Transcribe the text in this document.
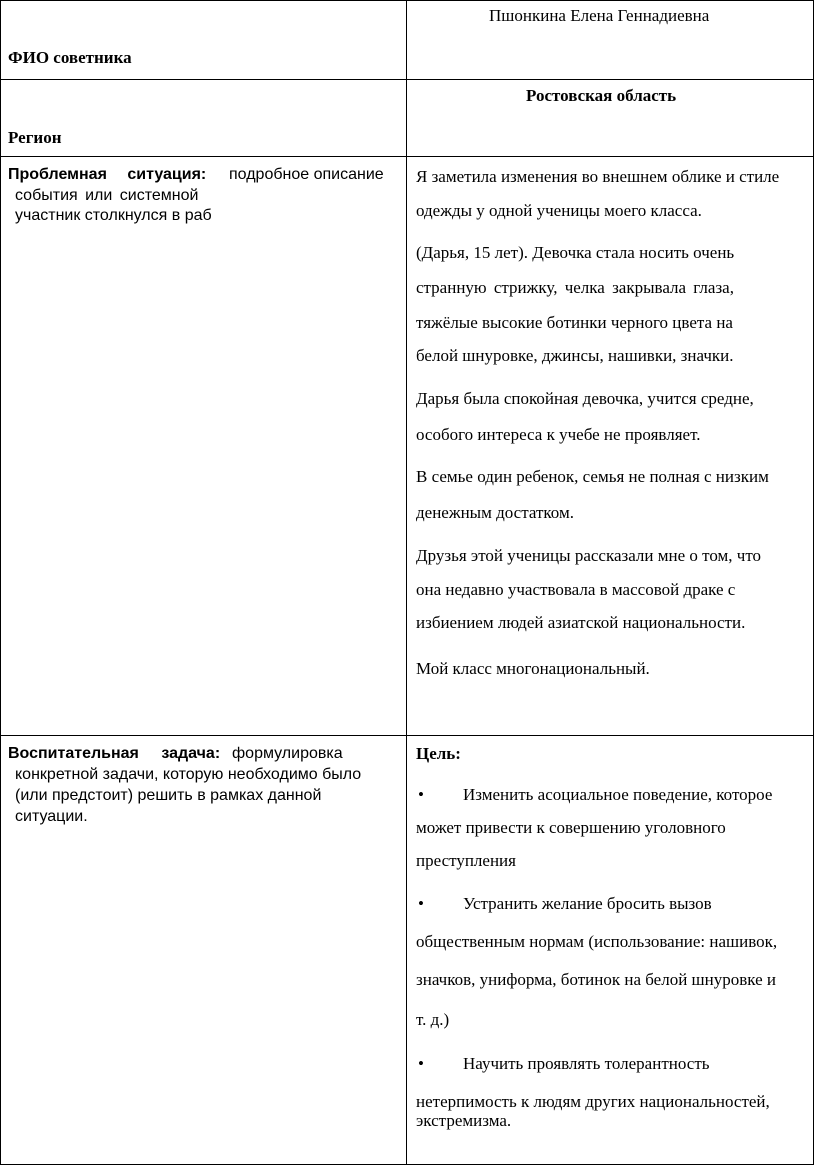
ФИО советника
Пшонкина Елена Геннадиевна
Регион
Ростовская область
Проблемная ситуация: подробное описание
события или системной
участник столкнулся в раб
Я заметила изменения во внешнем облике и стиле
одежды у одной ученицы моего класса.
(Дарья, 15 лет). Девочка стала носить очень
странную стрижку, челка закрывала глаза,
тяжёлые высокие ботинки черного цвета на
белой шнуровке, джинсы, нашивки, значки.
Дарья была спокойная девочка, учится средне,
особого интереса к учебе не проявляет.
В семье один ребенок, семья не полная с низким
денежным достатком.
Друзья этой ученицы рассказали мне о том, что
она недавно участвовала в массовой драке с
избиением людей азиатской национальности.
Мой класс многонациональный.
Воспитательная задача: формулировка
конкретной задачи, которую необходимо было
(или предстоит) решить в рамках данной
ситуации.
Цель:
• Изменить асоциальное поведение, которое
может привести к совершению уголовного
преступления
• Устранить желание бросить вызов
общественным нормам (использование: нашивок,
значков, униформа, ботинок на белой шнуровке и
т. д.)
• Научить проявлять толерантность
нетерпимость к людям других национальностей,
экстремизма.
